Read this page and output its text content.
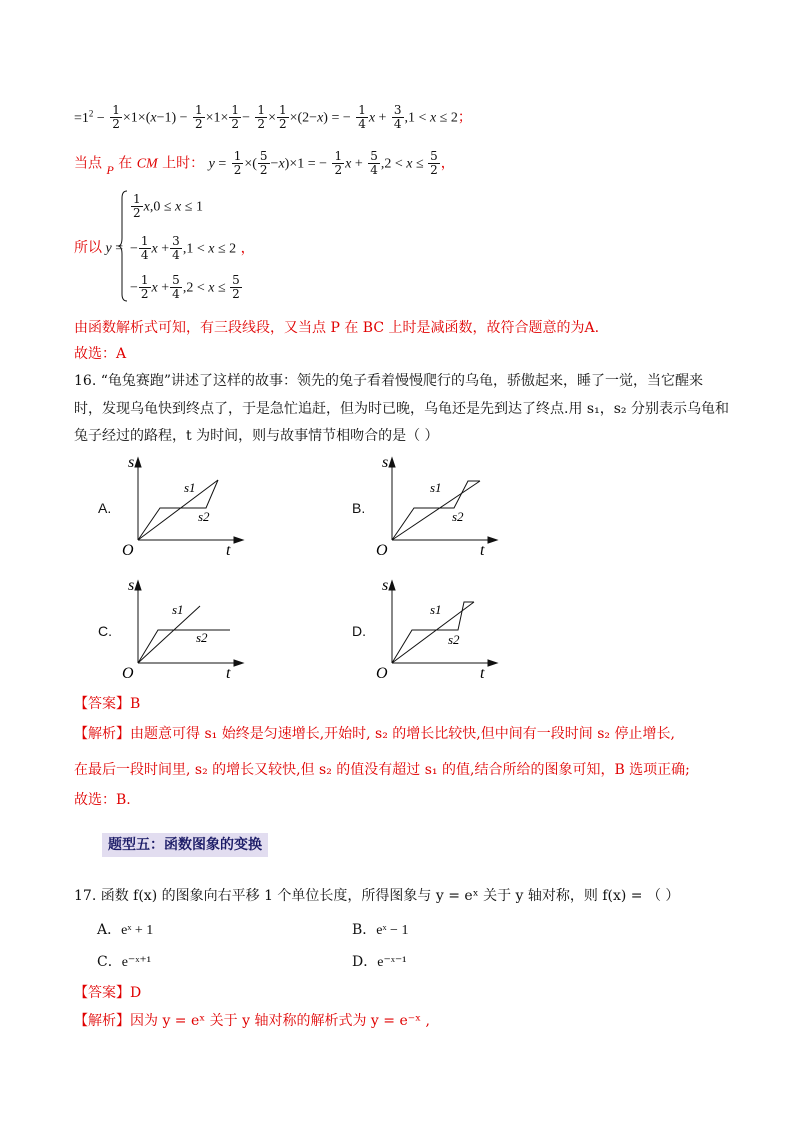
$=1^2 - \frac{1}{2} \times 1\times(x-1) - \frac{1}{2} \times 1\times \frac{1}{2} - \frac{1}{2} \times \frac{1}{2} \times(2-x)$ = − $\frac{1}{4}$ $x + \frac{3}{4} ,1 < x \le 2$；
当点 P 在 CM 上时： $y = \frac{1}{2}$ ×( $\frac{5}{2} -x)\times 1$ = − $\frac{1}{2}$ $x + \frac{5}{4} ,2 < x \le \frac{5}{2}$ ，
所以 y =
$\frac{1}{2} x,0 \le x \le 1$
− $\frac{1}{4}$ $x + \frac{3}{4} ,1 < x \le 2$ ，
− $\frac{1}{2}$ $x + \frac{5}{4} ,2 < x \le \frac{5}{2}$
由函数解析式可知，有三段线段，又当点 P 在 BC 上时是减函数，故符合题意的为A.
故选：A
16. “龟兔赛跑”讲述了这样的故事：领先的兔子看着慢慢爬行的乌龟，骄傲起来，睡了一觉，当它醒来
时，发现乌龟快到终点了，于是急忙追赶，但为时已晚，乌龟还是先到达了终点.用 s₁，s₂ 分别表示乌龟和
兔子经过的路程，t 为时间，则与故事情节相吻合的是（ ）
A.
s
t
O
s1
s2
B.
s
t
O
s1
s2
C.
s
t
O
s1
s2	D.
s
t
O
s1
s2
【答案】B
【解析】由题意可得 s₁ 始终是匀速增长,开始时, s₂ 的增长比较快,但中间有一段时间 s₂ 停止增长,
在最后一段时间里, s₂ 的增长又较快,但 s₂ 的值没有超过 s₁ 的值,结合所给的图象可知，B 选项正确;
故选：B.
题型五：函数图象的变换
17. 函数 f(x) 的图象向右平移 1 个单位长度，所得图象与 y = eˣ 关于 y 轴对称，则 f(x) = （ ）
A．eˣ + 1	B．eˣ − 1
C．e⁻ˣ⁺¹	D．e⁻ˣ⁻¹
【答案】D
【解析】因为 y = eˣ 关于 y 轴对称的解析式为 y = e⁻ˣ ,
